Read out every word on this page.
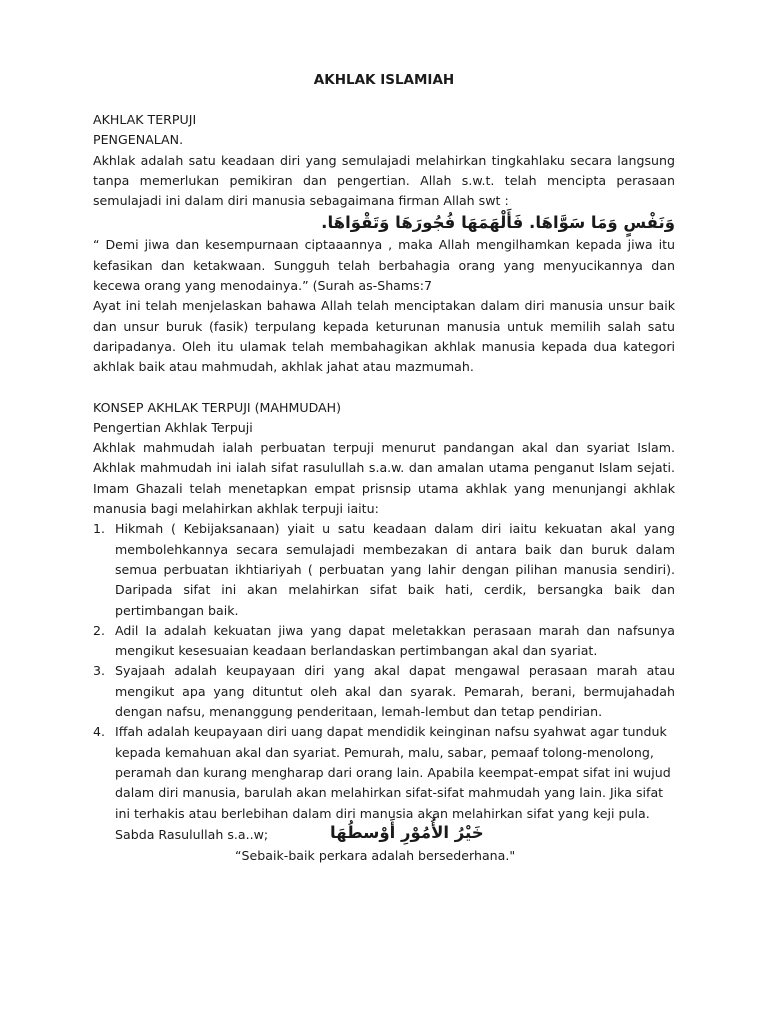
AKHLAK ISLAMIAH
AKHLAK TERPUJI
PENGENALAN.
Akhlak adalah satu keadaan diri yang semulajadi melahirkan tingkahlaku secara langsung
tanpa memerlukan pemikiran dan pengertian. Allah s.w.t. telah mencipta perasaan
semulajadi ini dalam diri manusia sebagaimana firman Allah swt :
وَنَفْسٍ وَمَا سَوَّاهَا. فَأَلْهَمَهَا فُجُورَهَا وَتَقْوَاهَا.
“ Demi jiwa dan kesempurnaan ciptaaannya , maka Allah mengilhamkan kepada jiwa itu
kefasikan dan ketakwaan. Sungguh telah berbahagia orang yang menyucikannya dan
kecewa orang yang menodainya.” (Surah as-Shams:7
Ayat ini telah menjelaskan bahawa Allah telah menciptakan dalam diri manusia unsur baik
dan unsur buruk (fasik) terpulang kepada keturunan manusia untuk memilih salah satu
daripadanya. Oleh itu ulamak telah membahagikan akhlak manusia kepada dua kategori
akhlak baik atau mahmudah, akhlak jahat atau mazmumah.
KONSEP AKHLAK TERPUJI (MAHMUDAH)
Pengertian Akhlak Terpuji
Akhlak mahmudah ialah perbuatan terpuji menurut pandangan akal dan syariat Islam.
Akhlak mahmudah ini ialah sifat rasulullah s.a.w. dan amalan utama penganut Islam sejati.
Imam Ghazali telah menetapkan empat prisnsip utama akhlak yang menunjangi akhlak
manusia bagi melahirkan akhlak terpuji iaitu:
1. Hikmah ( Kebijaksanaan) yiait u satu keadaan dalam diri iaitu kekuatan akal yang
membolehkannya secara semulajadi membezakan di antara baik dan buruk dalam
semua perbuatan ikhtiariyah ( perbuatan yang lahir dengan pilihan manusia sendiri).
Daripada sifat ini akan melahirkan sifat baik hati, cerdik, bersangka baik dan
pertimbangan baik.
2. Adil Ia adalah kekuatan jiwa yang dapat meletakkan perasaan marah dan nafsunya
mengikut kesesuaian keadaan berlandaskan pertimbangan akal dan syariat.
3. Syajaah adalah keupayaan diri yang akal dapat mengawal perasaan marah atau
mengikut apa yang dituntut oleh akal dan syarak. Pemarah, berani, bermujahadah
dengan nafsu, menanggung penderitaan, lemah-lembut dan tetap pendirian.
4. Iffah adalah keupayaan diri uang dapat mendidik keinginan nafsu syahwat agar tunduk
kepada kemahuan akal dan syariat. Pemurah, malu, sabar, pemaaf tolong-menolong,
peramah dan kurang mengharap dari orang lain. Apabila keempat-empat sifat ini wujud
dalam diri manusia, barulah akan melahirkan sifat-sifat mahmudah yang lain. Jika sifat
ini terhakis atau berlebihan dalam diri manusia akan melahirkan sifat yang keji pula.
Sabda Rasulullah s.a..w;	خَيْرُ الأُمُوْرِ أَوْسطُهَا
“Sebaik-baik perkara adalah bersederhana."
